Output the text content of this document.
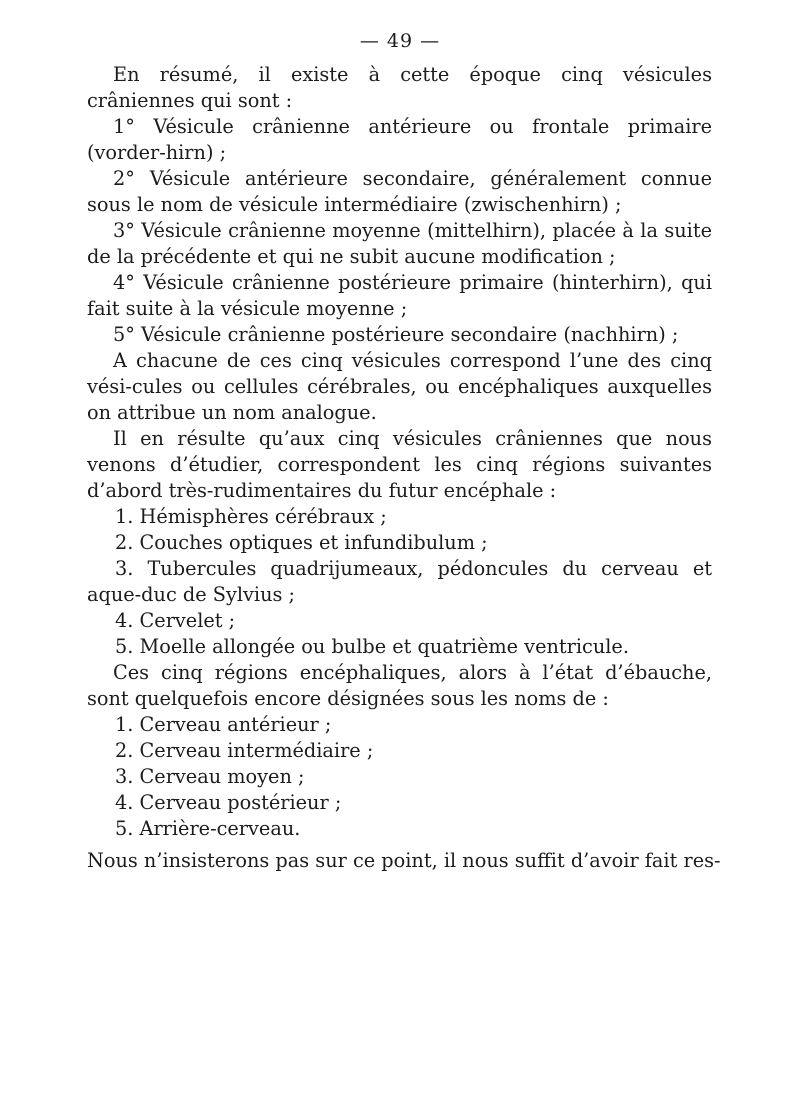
— 49 —

En résumé, il existe à cette époque cinq vésicules crâniennes qui sont :

1° Vésicule crânienne antérieure ou frontale primaire (vorder-hirn) ;

2° Vésicule antérieure secondaire, généralement connue sous le nom de vésicule intermédiaire (zwischenhirn) ;

3° Vésicule crânienne moyenne (mittelhirn), placée à la suite de la précédente et qui ne subit aucune modification ;

4° Vésicule crânienne postérieure primaire (hinterhirn), qui fait suite à la vésicule moyenne ;

5° Vésicule crânienne postérieure secondaire (nachhirn) ;

A chacune de ces cinq vésicules correspond l’une des cinq vési-cules ou cellules cérébrales, ou encéphaliques auxquelles on attribue un nom analogue.

Il en résulte qu’aux cinq vésicules crâniennes que nous venons d’étudier, correspondent les cinq régions suivantes d’abord très-rudimentaires du futur encéphale :

1. Hémisphères cérébraux ;

2. Couches optiques et infundibulum ;

3. Tubercules quadrijumeaux, pédoncules du cerveau et aque-duc de Sylvius ;

4. Cervelet ;

5. Moelle allongée ou bulbe et quatrième ventricule.

Ces cinq régions encéphaliques, alors à l’état d’ébauche, sont quelquefois encore désignées sous les noms de :

1. Cerveau antérieur ;

2. Cerveau intermédiaire ;

3. Cerveau moyen ;

4. Cerveau postérieur ;

5. Arrière-cerveau.

Nous n’insisterons pas sur ce point, il nous suffit d’avoir fait res-
